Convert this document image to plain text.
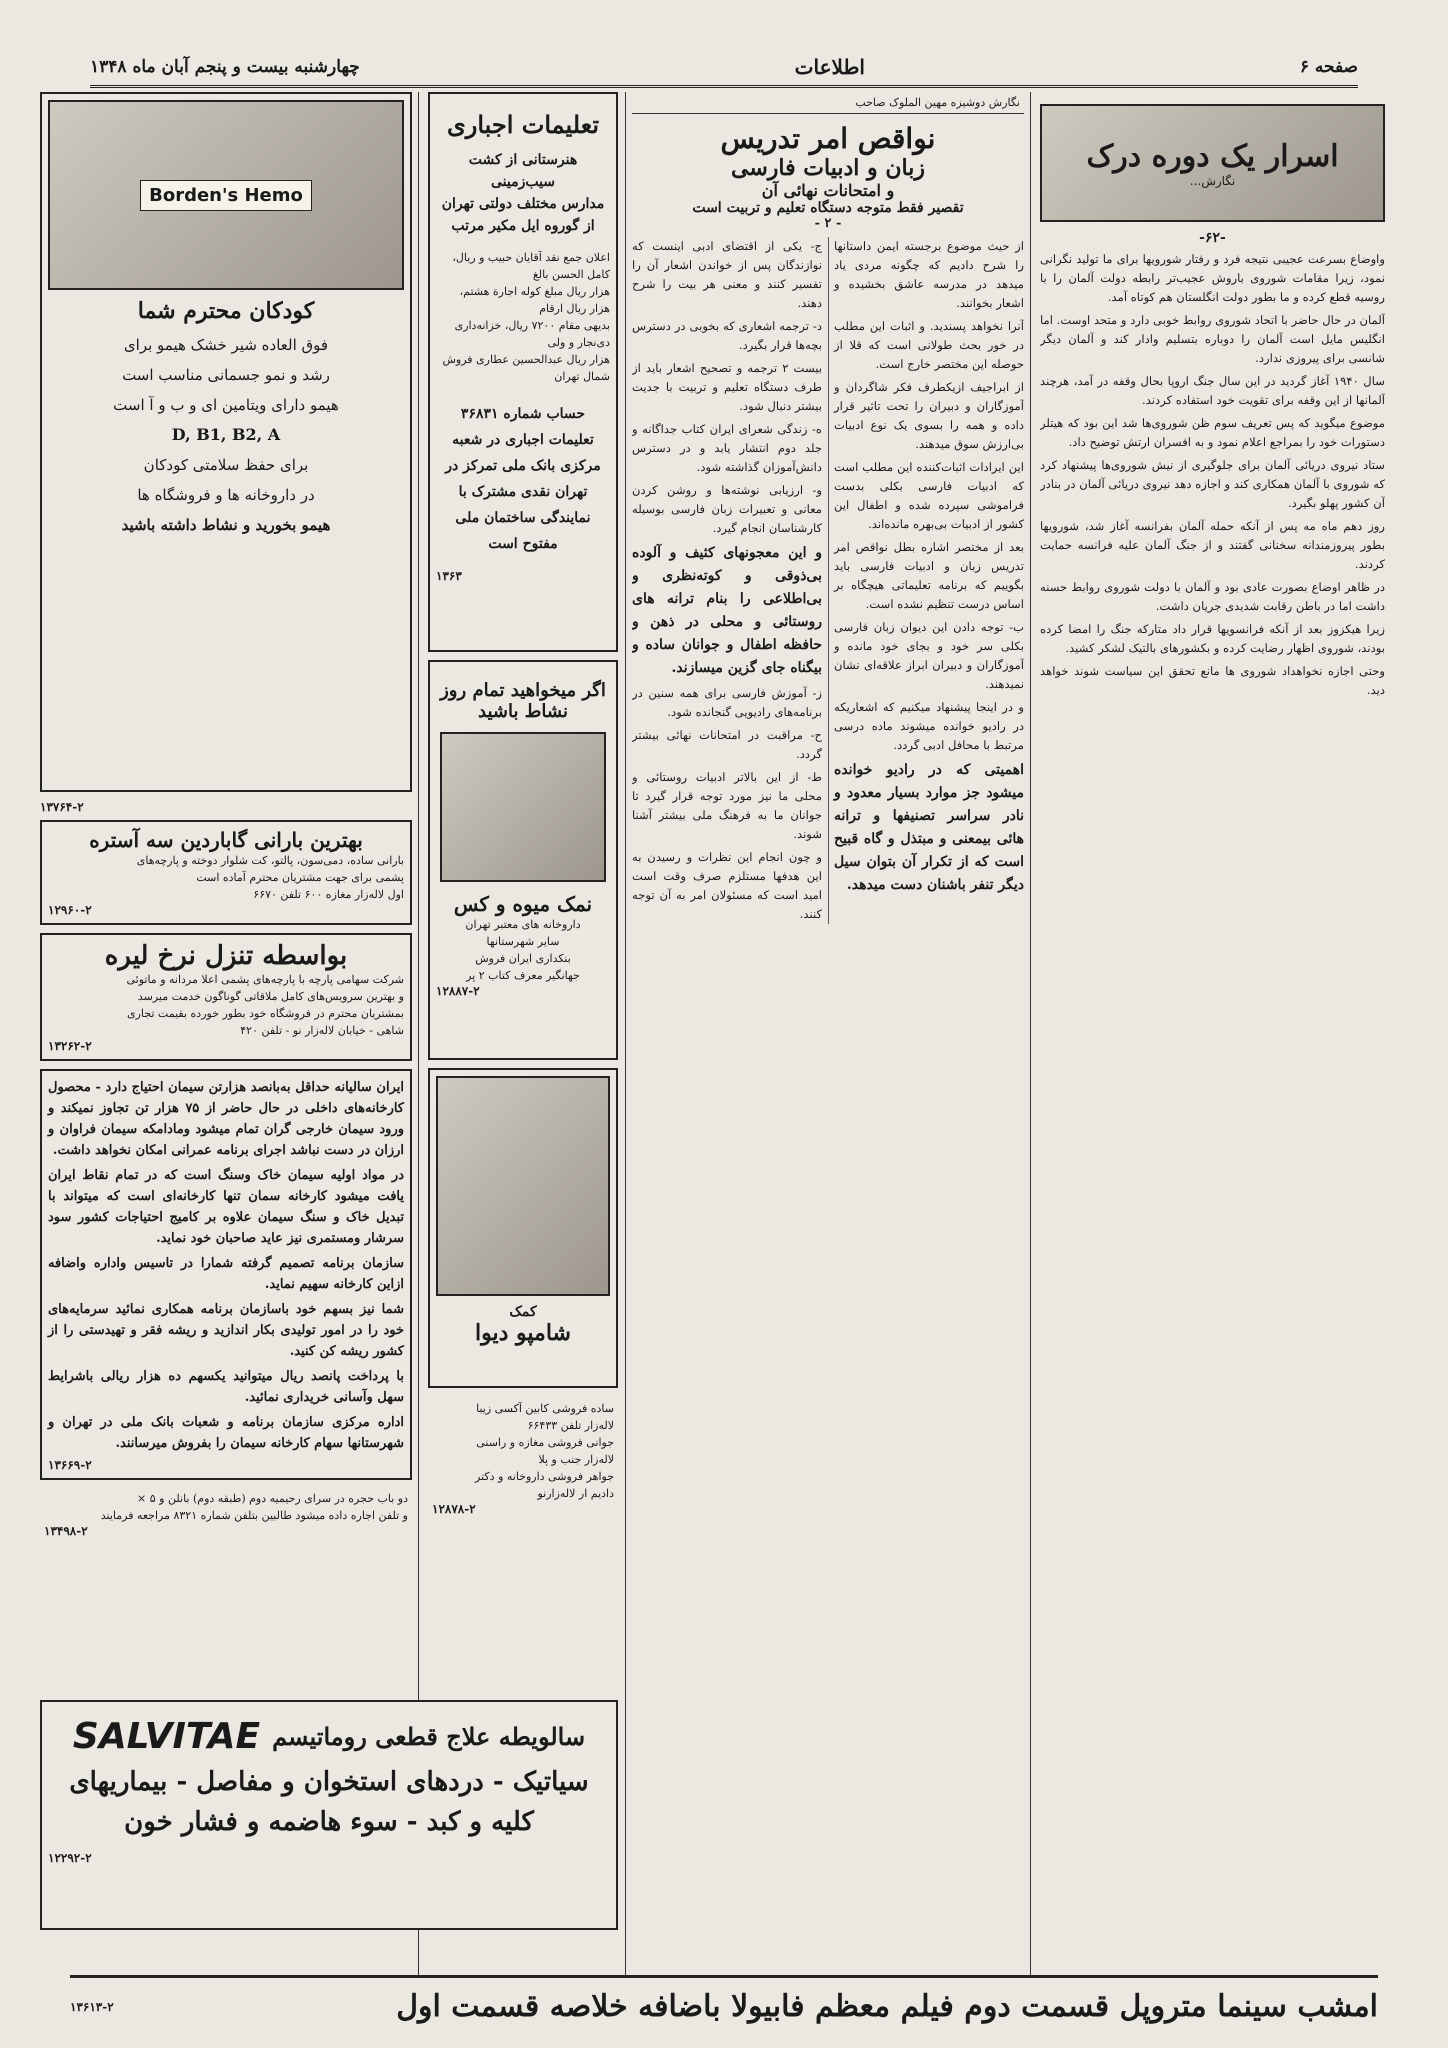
صفحه ۶
اطلاعات
چهارشنبه بیست و پنجم آبان ماه ۱۳۴۸
اسرار یک دوره درک
نگارش...
-۶۲-

واوضاع بسرعت عجیبی نتیجه فرد و رفتار شورویها برای ما تولید نگرانی نمود، زیرا مقامات شوروی باروش عجیب‌تر رابطه دولت آلمان را با روسیه قطع کرده و ما بطور دولت انگلستان هم کوتاه آمد.

آلمان در حال حاضر با اتحاد شوروی روابط خوبی دارد و متحد اوست. اما انگلیس مایل است آلمان را دوباره بتسلیم وادار کند و آلمان دیگر شانسی برای پیروزی ندارد.

سال ۱۹۴۰ آغاز گردید در این سال جنگ اروپا بحال وقفه در آمد، هرچند آلمانها از این وقفه برای تقویت خود استفاده کردند.

موضوع میگوید که پس تعریف سوم ظن شوروی‌ها شد این بود که هیتلر دستورات خود را بمراجع اعلام نمود و به افسران ارتش توضیح داد.

ستاد نیروی دریائی آلمان برای جلوگیری از نیش شوروی‌ها پیشنهاد کرد که شوروی با آلمان همکاری کند و اجازه دهد نیروی دریائی آلمان در بنادر آن کشور پهلو بگیرد.

روز دهم ماه مه پس از آنکه حمله آلمان بفرانسه آغاز شد، شورویها بطور پیروزمندانه سخنانی گفتند و از جنگ آلمان علیه فرانسه حمایت کردند.

در ظاهر اوضاع بصورت عادی بود و آلمان با دولت شوروی روابط حسنه داشت اما در باطن رقابت شدیدی جریان داشت.

زیرا هیکزوز بعد از آنکه فرانسویها قرار داد متارکه جنگ را امضا کرده بودند، شوروی اظهار رضایت کرده و بکشورهای بالتیک لشکر کشید.

وحتی اجازه نخواهداد شوروی ها مانع تحقق این سیاست شوند خواهد دید.

نگارش دوشیزه مهین الملوک صاحب
نواقص امر تدریس
زبان و ادبیات فارسی
و امتحانات نهائی آن
تقصیر فقط متوجه دستگاه تعلیم و تربیت است
- ۲ -

از حیث موضوع برجسته ایمن داستانها را شرح دادیم که چگونه مردی یاد میدهد در مدرسه عاشق بخشیده و اشعار بخوانند.

آنرا نخواهد پسندید. و اثبات این مطلب در خور بحث طولانی است که قلا از حوصله این مختصر خارج است.

از ابراجیف ازیکطرف فکر شاگردان و آموزگاران و دبیران را تحت تاثیر قرار داده و همه را بسوی یک نوع ادبیات بی‌ارزش سوق میدهند.

این ایرادات اثبات‌کننده این مطلب است که ادبیات فارسی بکلی بدست فراموشی سپرده شده و اطفال این کشور از ادبیات بی‌بهره مانده‌اند.

بعد از مختصر اشاره بطل نواقص امر تدریس زبان و ادبیات فارسی باید بگوییم که برنامه تعلیماتی هیچگاه بر اساس درست تنظیم نشده است.

ب- توجه دادن این دیوان زبان فارسی بکلی سر خود و بجای خود مانده و آموزگاران و دبیران ابراز علاقه‌ای نشان نمیدهند.

و در اینجا پیشنهاد میکنیم که اشعاریکه در رادیو خوانده میشوند ماده درسی مرتبط با محافل ادبی گردد.

اهمیتی که در رادیو خوانده میشود جز موارد بسیار معدود و نادر سراسر تصنیفها و ترانه هائی بیمعنی و مبتذل و گاه قبیح است که از تکرار آن بتوان سیل دیگر تنفر باشنان دست میدهد.

ج- یکی از اقتضای ادبی اینست که نوازندگان پس از خواندن اشعار آن را تفسیر کنند و معنی هر بیت را شرح دهند.

د- ترجمه اشعاری که بخوبی در دسترس بچه‌ها قرار بگیرد.

بیست ۲ ترجمه و تصحیح اشعار باید از طرف دستگاه تعلیم و تربیت با جدیت بیشتر دنبال شود.

ه- زندگی شعرای ایران کتاب جداگانه و جلد دوم انتشار یابد و در دسترس دانش‌آموزان گذاشته شود.

و- ارزیابی نوشته‌ها و روشن کردن معانی و تعبیرات زبان فارسی بوسیله کارشناسان انجام گیرد.

و این معجونهای کثیف و آلوده بی‌ذوقی و کوته‌نظری و بی‌اطلاعی را بنام ترانه های روستائی و محلی در ذهن و حافظه اطفال و جوانان ساده و بیگناه جای گزین میسازند.

ز- آموزش فارسی برای همه سنین در برنامه‌های رادیویی گنجانده شود.

ح- مراقبت در امتحانات نهائی بیشتر گردد.

ط- از این بالاتر ادبیات روستائی و محلی ما نیز مورد توجه قرار گیرد تا جوانان ما به فرهنگ ملی بیشتر آشنا شوند.

و چون انجام این نظرات و رسیدن به این هدفها مستلزم صرف وقت است امید است که مسئولان امر به آن توجه کنند.

تعلیمات اجباری
هنرستانی از کشت سیب‌زمینی
مدارس مختلف دولتی تهران
از گوروه ایل مکیر مرتب
اعلان جمع نقد آقایان حبیب و ریال، کامل الحسن بالغ
هزار ریال مبلغ کوله اجارة هشتم، هزار ریال ارقام
بدیهی مقام ۷۲۰۰ ریال، خزانه‌داری دی‌نجار و ولی
هزار ریال عبدالحسین عطاری فروش شمال تهران
حساب شماره ۳۶۸۳۱ تعلیمات اجباری در شعبه مرکزی بانک ملی تمرکز در تهران نقدی مشترک با نمایندگی ساختمان ملی مفتوح است
۱۳۶۳
اگر میخواهید تمام روز نشاط باشید
نمک میوه و کس
داروخانه های معتبر تهران
سایر شهرستانها
بنکداری ایران فروش
جهانگیر معرف کتاب ۲ پر
۱۲۸۸۷-۲
کمک
شامپو دیوا
ساده فروشی کابین آکسی زیبا
لاله‌زار تلفن ۶۶۴۳۳
جوانی فروشی مغازه و راسنی
لاله‌زار جنب و پلا
جواهر فروشی داروخانه و دکتر
دادیم ار لاله‌زارنو
۱۲۸۷۸-۲
Borden's Hemo
کودکان محترم شما
فوق العاده شیر خشک هیمو برای
رشد و نمو جسمانی مناسب است
هیمو دارای ویتامین ای و ب و آ است
D, B1, B2, A
برای حفظ سلامتی کودکان
در داروخانه ها و فروشگاه ها
هیمو بخورید و نشاط داشته باشید
۱۳۷۶۴-۲
بهترین بارانی گاباردین سه آستره
بارانی ساده، دمی‌سون، پالتو، کت شلوار دوخته و پارچه‌های
پشمی برای جهت مشتریان محترم آماده است
اول لاله‌زار مغازه ۶۰۰ تلفن ۶۶۷۰
۱۲۹۶۰-۲
بواسطه تنزل نرخ لیره
شرکت سهامی پارچه با پارچه‌های پشمی اعلا مردانه و ماتوئی
و بهترین سرویس‌های کامل ملاقاتی گوناگون خدمت میرسد
بمشتریان محترم در فروشگاه خود بطور خورده بقیمت تجاری
شاهی - خیابان لاله‌زار نو - تلفن ۴۲۰
۱۳۲۶۲-۲

ایران سالیانه حداقل به‌بانصد هزارتن سیمان احتیاج دارد - محصول کارخانه‌های داخلی در حال حاضر از ۷۵ هزار تن تجاوز نمیکند و ورود سیمان خارجی گران تمام میشود ومادامکه سیمان فراوان و ارزان در دست نباشد اجرای برنامه عمرانی امکان نخواهد داشت.

در مواد اولیه سیمان خاک وسنگ است که در تمام نقاط ایران یافت میشود کارخانه سمان تنها کارخانه‌ای است که میتواند با تبدیل خاک و سنگ سیمان علاوه بر کامیج احتیاجات کشور سود سرشار ومستمری نیز عاید صاحبان خود نماید.

سازمان برنامه تصمیم گرفته شمارا در تاسیس واداره واضافه ازاین کارخانه سهیم نماید.

شما نیز بسهم خود باسازمان برنامه همکاری نمائید سرمایه‌های خود را در امور تولیدی بکار اندازید و ریشه فقر و تهیدستی را از کشور ریشه کن کنید.

با پرداخت پانصد ریال میتوانید یکسهم ده هزار ریالی باشرایط سهل وآسانی خریداری نمائید.

اداره مرکزی سازمان برنامه و شعبات بانک ملی در تهران و شهرستانها سهام کارخانه سیمان را بفروش میرسانند.

۱۳۶۶۹-۲
دو باب حجره در سرای رحیمیه دوم (طبقه دوم) بانلن و ۵ ×
و تلفن اجاره داده میشود طالبین بتلفن شماره ۸۳۲۱ مراجعه فرمایند
۱۳۴۹۸-۲
سالویطه علاج قطعی روماتیسم
SALVITAE
سیاتیک - دردهای استخوان و مفاصل - بیماریهای
کلیه و کبد - سوء هاضمه و فشار خون
۱۲۲۹۲-۲
امشب سینما متروپل قسمت دوم فیلم معظم فابیولا باضافه خلاصه قسمت اول
۱۳۶۱۳-۲
